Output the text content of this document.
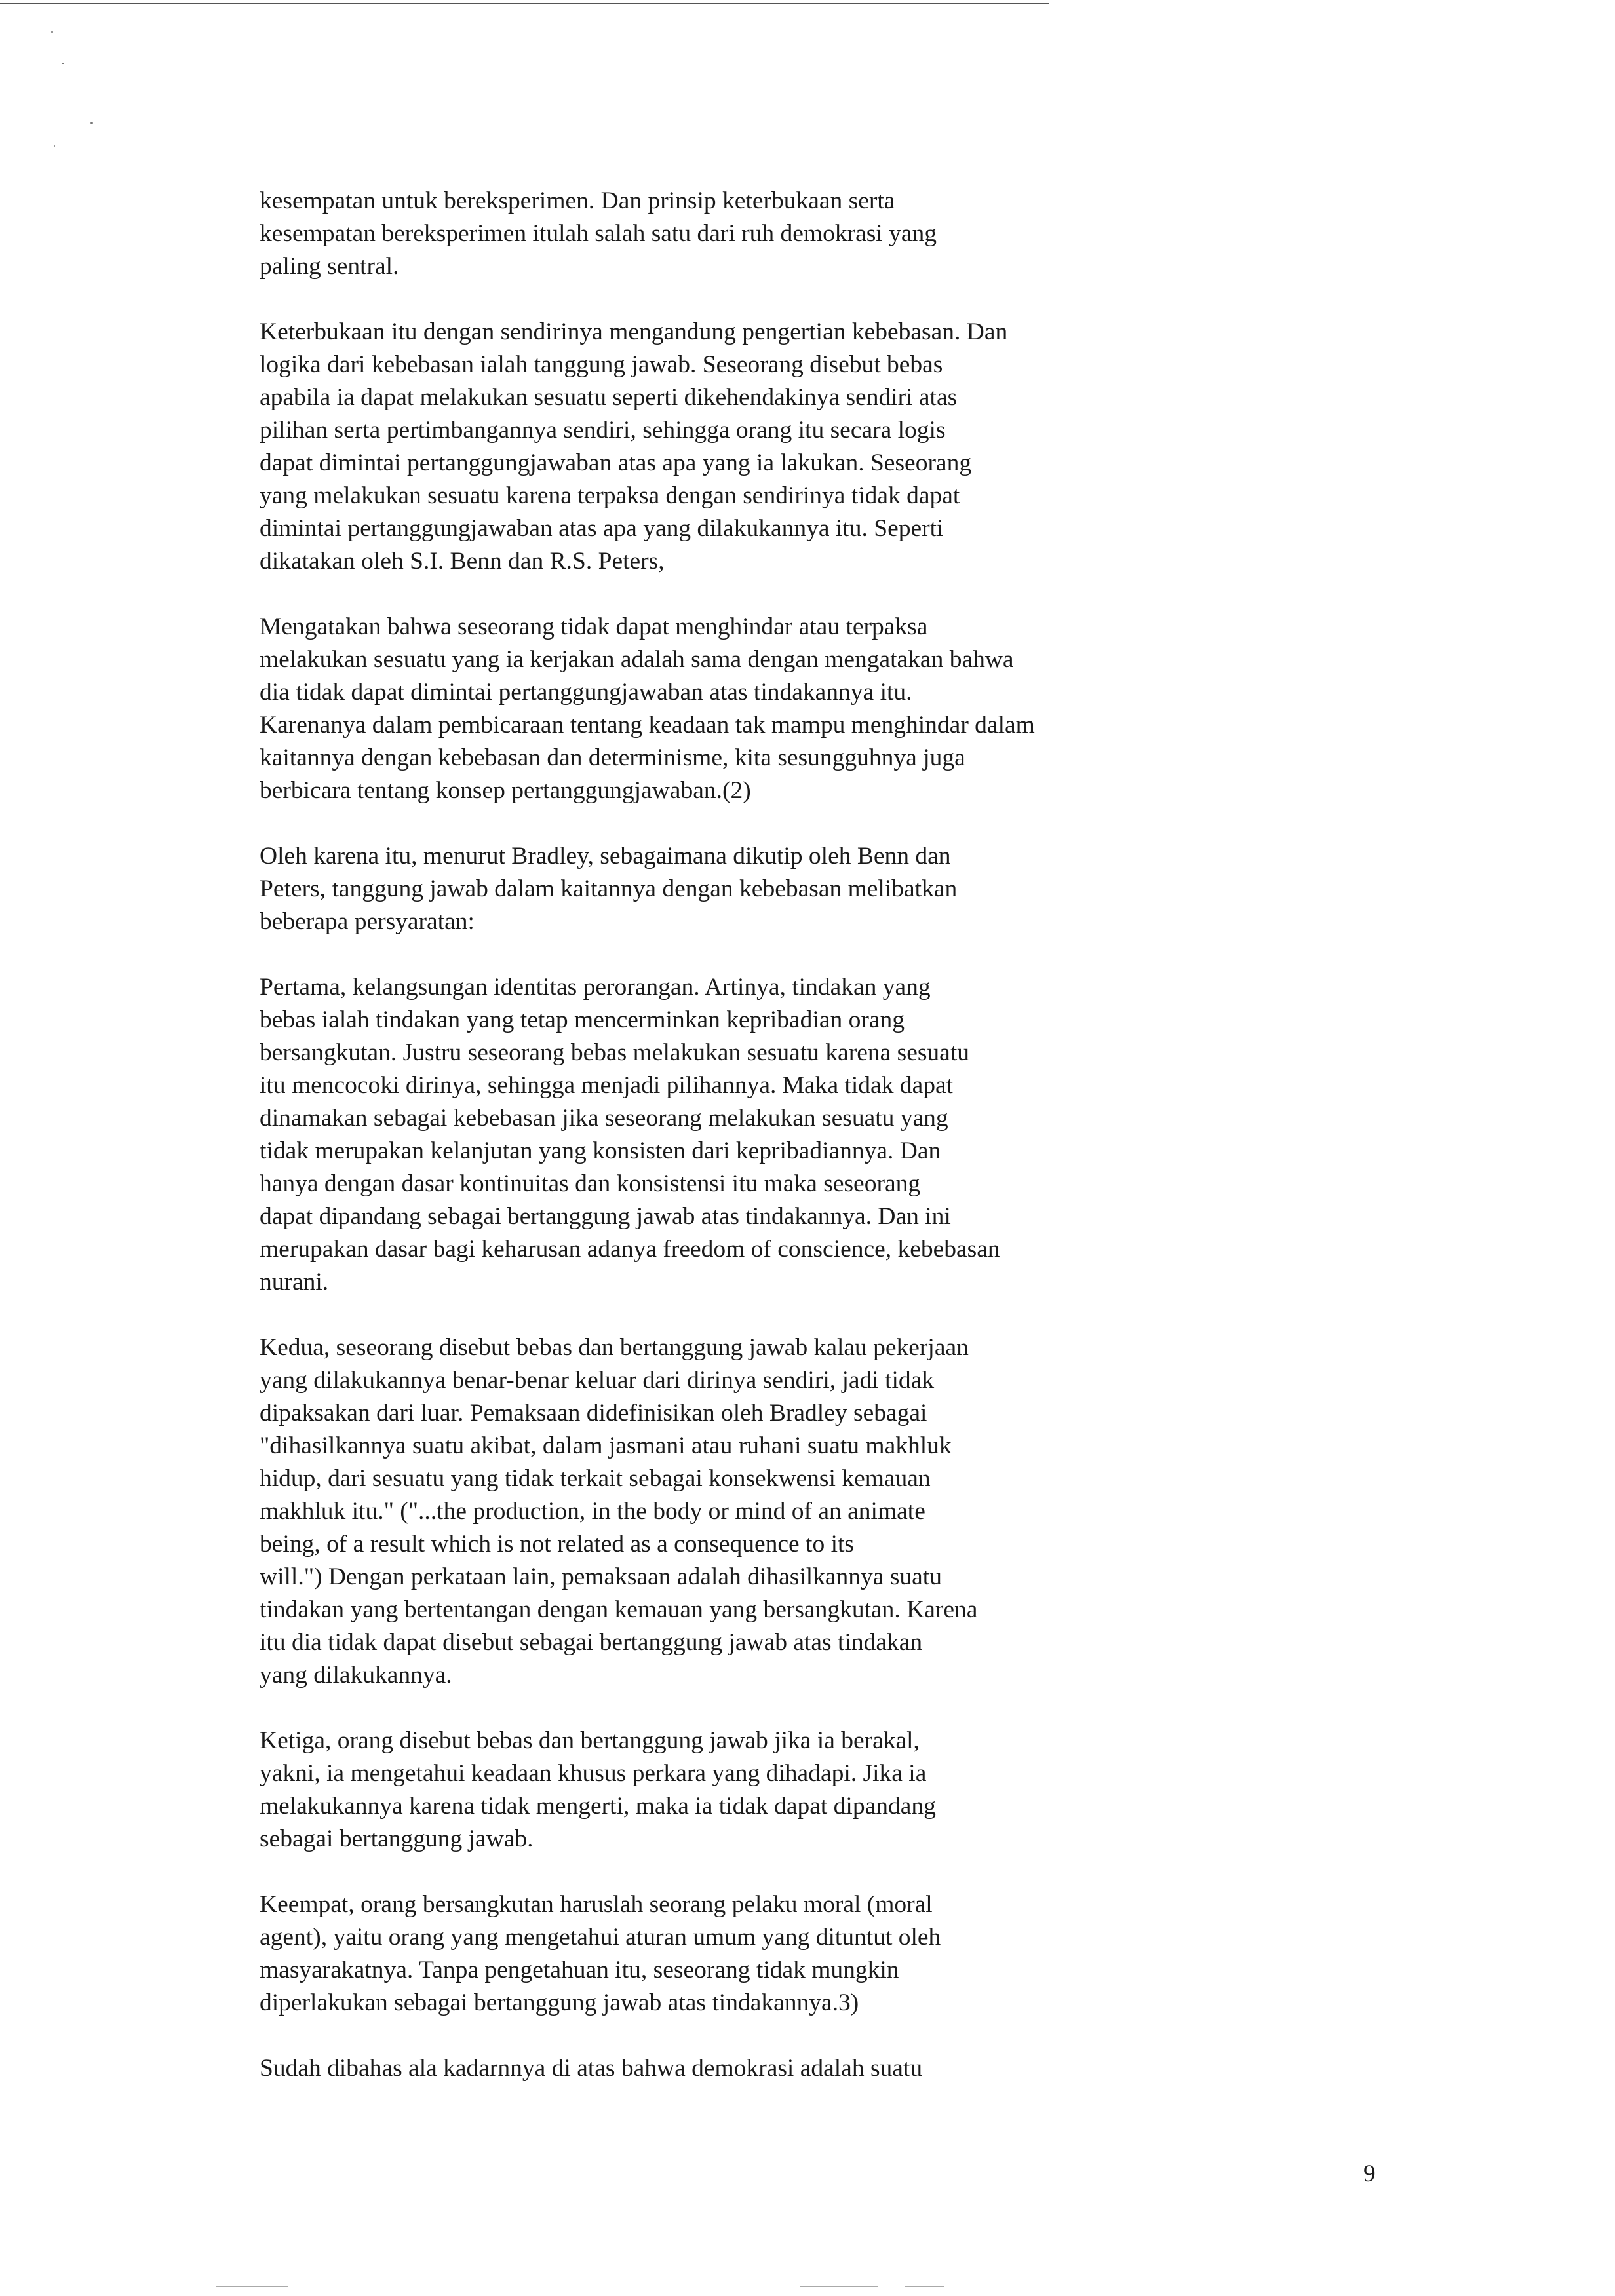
kesempatan untuk bereksperimen. Dan prinsip keterbukaan serta
kesempatan bereksperimen itulah salah satu dari ruh demokrasi yang
paling sentral.
Keterbukaan itu dengan sendirinya mengandung pengertian kebebasan. Dan
logika dari kebebasan ialah tanggung jawab. Seseorang disebut bebas
apabila ia dapat melakukan sesuatu seperti dikehendakinya sendiri atas
pilihan serta pertimbangannya sendiri, sehingga orang itu secara logis
dapat dimintai pertanggungjawaban atas apa yang ia lakukan. Seseorang
yang melakukan sesuatu karena terpaksa dengan sendirinya tidak dapat
dimintai pertanggungjawaban atas apa yang dilakukannya itu. Seperti
dikatakan oleh S.I. Benn dan R.S. Peters,
Mengatakan bahwa seseorang tidak dapat menghindar atau terpaksa
melakukan sesuatu yang ia kerjakan adalah sama dengan mengatakan bahwa
dia tidak dapat dimintai pertanggungjawaban atas tindakannya itu.
Karenanya dalam pembicaraan tentang keadaan tak mampu menghindar dalam
kaitannya dengan kebebasan dan determinisme, kita sesungguhnya juga
berbicara tentang konsep pertanggungjawaban.(2)
Oleh karena itu, menurut Bradley, sebagaimana dikutip oleh Benn dan
Peters, tanggung jawab dalam kaitannya dengan kebebasan melibatkan
beberapa persyaratan:
Pertama, kelangsungan identitas perorangan. Artinya, tindakan yang
bebas ialah tindakan yang tetap mencerminkan kepribadian orang
bersangkutan. Justru seseorang bebas melakukan sesuatu karena sesuatu
itu mencocoki dirinya, sehingga menjadi pilihannya. Maka tidak dapat
dinamakan sebagai kebebasan jika seseorang melakukan sesuatu yang
tidak merupakan kelanjutan yang konsisten dari kepribadiannya. Dan
hanya dengan dasar kontinuitas dan konsistensi itu maka seseorang
dapat dipandang sebagai bertanggung jawab atas tindakannya. Dan ini
merupakan dasar bagi keharusan adanya freedom of conscience, kebebasan
nurani.
Kedua, seseorang disebut bebas dan bertanggung jawab kalau pekerjaan
yang dilakukannya benar-benar keluar dari dirinya sendiri, jadi tidak
dipaksakan dari luar. Pemaksaan didefinisikan oleh Bradley sebagai
"dihasilkannya suatu akibat, dalam jasmani atau ruhani suatu makhluk
hidup, dari sesuatu yang tidak terkait sebagai konsekwensi kemauan
makhluk itu." ("...the production, in the body or mind of an animate
being, of a result which is not related as a consequence to its
will.") Dengan perkataan lain, pemaksaan adalah dihasilkannya suatu
tindakan yang bertentangan dengan kemauan yang bersangkutan. Karena
itu dia tidak dapat disebut sebagai bertanggung jawab atas tindakan
yang dilakukannya.
Ketiga, orang disebut bebas dan bertanggung jawab jika ia berakal,
yakni, ia mengetahui keadaan khusus perkara yang dihadapi. Jika ia
melakukannya karena tidak mengerti, maka ia tidak dapat dipandang
sebagai bertanggung jawab.
Keempat, orang bersangkutan haruslah seorang pelaku moral (moral
agent), yaitu orang yang mengetahui aturan umum yang dituntut oleh
masyarakatnya. Tanpa pengetahuan itu, seseorang tidak mungkin
diperlakukan sebagai bertanggung jawab atas tindakannya.3)
Sudah dibahas ala kadarnnya di atas bahwa demokrasi adalah suatu
9
